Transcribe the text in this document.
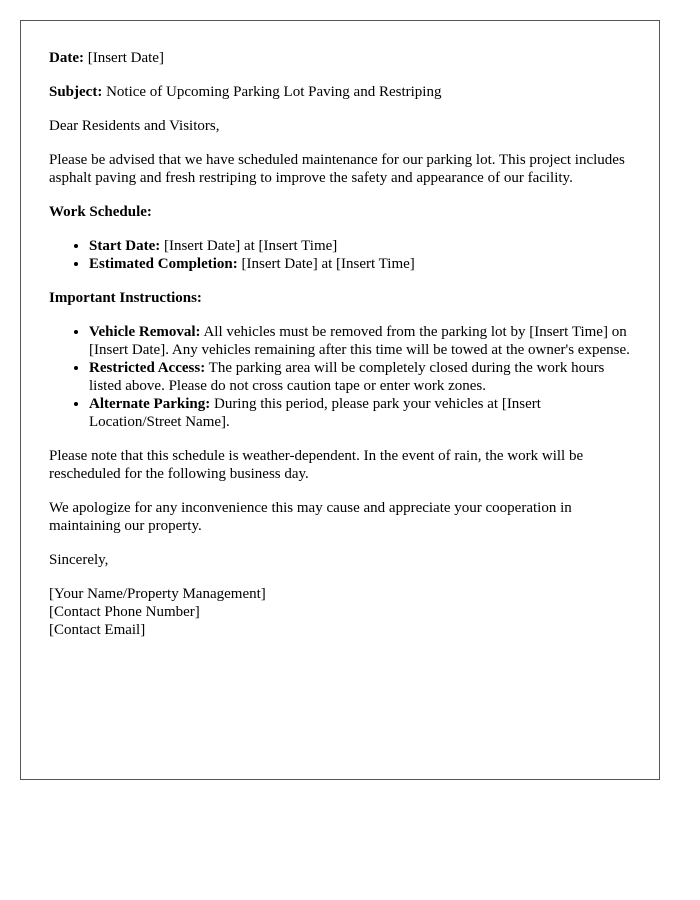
Date: [Insert Date]

Subject: Notice of Upcoming Parking Lot Paving and Restriping

Dear Residents and Visitors,

Please be advised that we have scheduled maintenance for our parking lot. This project includes asphalt paving and fresh restriping to improve the safety and appearance of our facility.

Work Schedule:
• Start Date: [Insert Date] at [Insert Time]
• Estimated Completion: [Insert Date] at [Insert Time]
Important Instructions:
• Vehicle Removal: All vehicles must be removed from the parking lot by [Insert Time] on [Insert Date]. Any vehicles remaining after this time will be towed at the owner's expense.
• Restricted Access: The parking area will be completely closed during the work hours listed above. Please do not cross caution tape or enter work zones.
• Alternate Parking: During this period, please park your vehicles at [Insert Location/Street Name].

Please note that this schedule is weather-dependent. In the event of rain, the work will be rescheduled for the following business day.

We apologize for any inconvenience this may cause and appreciate your cooperation in maintaining our property.

Sincerely,

[Your Name/Property Management]
[Contact Phone Number]
[Contact Email]
